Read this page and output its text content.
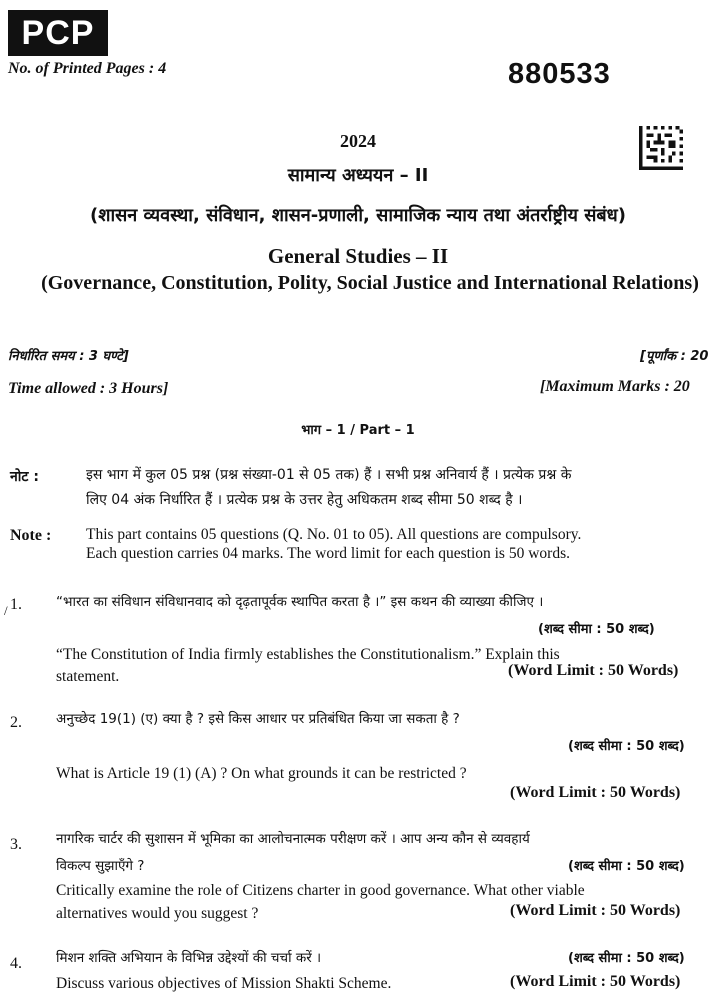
PCP
No. of Printed Pages : 4	880533
2024
सामान्य अध्ययन – II
(शासन व्यवस्था, संविधान, शासन-प्रणाली, सामाजिक न्याय तथा अंतर्राष्ट्रीय संबंध)
General Studies – II
(Governance, Constitution, Polity, Social Justice and International Relations)
निर्धारित समय : 3 घण्टे]	[पूर्णांक : 20
Time allowed : 3 Hours]	[Maximum Marks : 20
भाग – 1 / Part – 1
नोट :	इस भाग में कुल 05 प्रश्न (प्रश्न संख्या-01 से 05 तक) हैं । सभी प्रश्न अनिवार्य हैं । प्रत्येक प्रश्न के
लिए 04 अंक निर्धारित हैं । प्रत्येक प्रश्न के उत्तर हेतु अधिकतम शब्द सीमा 50 शब्द है ।
Note : This part contains 05 questions (Q. No. 01 to 05). All questions are compulsory.
Each question carries 04 marks. The word limit for each question is 50 words.
1.
/
“भारत का संविधान संविधानवाद को दृढ़तापूर्वक स्थापित करता है ।” इस कथन की व्याख्या कीजिए ।
(शब्द सीमा : 50 शब्द)
“The Constitution of India firmly establishes the Constitutionalism.” Explain this
statement.	(Word Limit : 50 Words)
2.	अनुच्छेद 19(1) (ए) क्या है ? इसे किस आधार पर प्रतिबंधित किया जा सकता है ?
(शब्द सीमा : 50 शब्द)
What is Article 19 (1) (A) ? On what grounds it can be restricted ?
(Word Limit : 50 Words)
3.	नागरिक चार्टर की सुशासन में भूमिका का आलोचनात्मक परीक्षण करें । आप अन्य कौन से व्यवहार्य
विकल्प सुझाएँगे ?	(शब्द सीमा : 50 शब्द)
Critically examine the role of Citizens charter in good governance. What other viable
alternatives would you suggest ?	(Word Limit : 50 Words)
4.	मिशन शक्ति अभियान के विभिन्न उद्देश्यों की चर्चा करें ।	(शब्द सीमा : 50 शब्द)
Discuss various objectives of Mission Shakti Scheme.	(Word Limit : 50 Words)
